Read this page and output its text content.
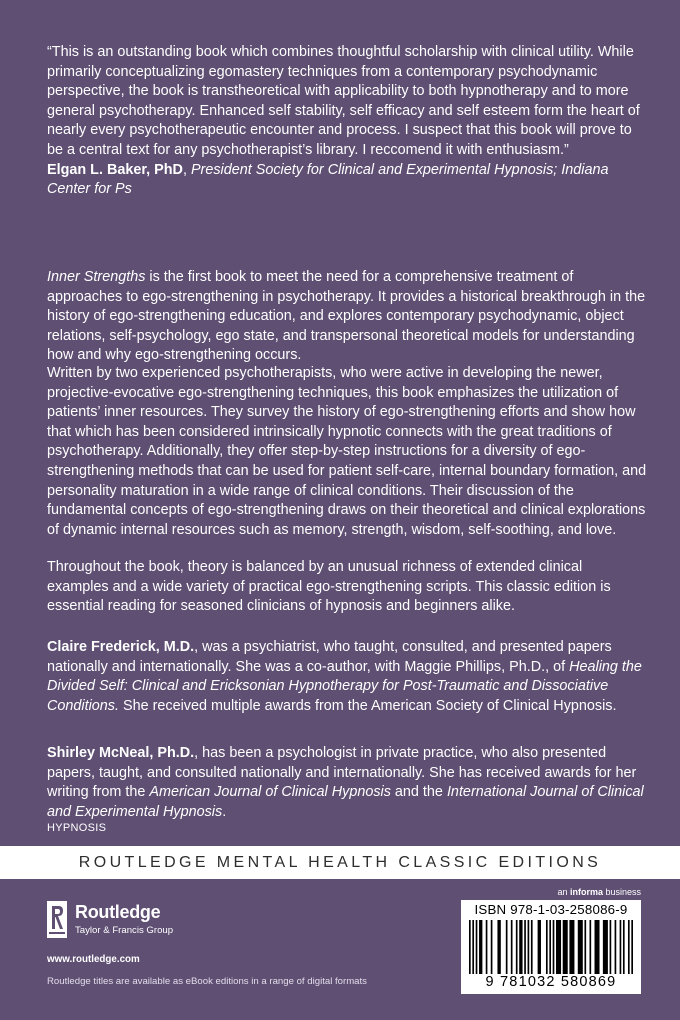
“This is an outstanding book which combines thoughtful scholarship with clinical utility. While primarily conceptualizing egomastery techniques from a contemporary psychodynamic perspective, the book is transtheoretical with applicability to both hypnotherapy and to more general psychotherapy. Enhanced self stability, self efficacy and self esteem form the heart of nearly every psychotherapeutic encounter and process. I suspect that this book will prove to be a central text for any psychotherapist’s library. I reccomend it with enthusiasm.”
Elgan L. Baker, PhD, President Society for Clinical and Experimental Hypnosis; Indiana Center for Ps

Inner Strengths is the first book to meet the need for a comprehensive treatment of approaches to ego-strengthening in psychotherapy. It provides a historical breakthrough in the history of ego-strengthening education, and explores contemporary psychodynamic, object relations, self-psychology, ego state, and transpersonal theoretical models for understanding how and why ego-strengthening occurs.

Written by two experienced psychotherapists, who were active in developing the newer, projective-evocative ego-strengthening techniques, this book emphasizes the utilization of patients’ inner resources. They survey the history of ego-strengthening efforts and show how that which has been considered intrinsically hypnotic connects with the great traditions of psychotherapy. Additionally, they offer step-by-step instructions for a diversity of ego-strengthening methods that can be used for patient self-care, internal boundary formation, and personality maturation in a wide range of clinical conditions. Their discussion of the fundamental concepts of ego-strengthening draws on their theoretical and clinical explorations of dynamic internal resources such as memory, strength, wisdom, self-soothing, and love.

Throughout the book, theory is balanced by an unusual richness of extended clinical examples and a wide variety of practical ego-strengthening scripts. This classic edition is essential reading for seasoned clinicians of hypnosis and beginners alike.

Claire Frederick, M.D., was a psychiatrist, who taught, consulted, and presented papers nationally and internationally. She was a co-author, with Maggie Phillips, Ph.D., of Healing the Divided Self: Clinical and Ericksonian Hypnotherapy for Post-Traumatic and Dissociative Conditions. She received multiple awards from the American Society of Clinical Hypnosis.

Shirley McNeal, Ph.D., has been a psychologist in private practice, who also presented papers, taught, and consulted nationally and internationally. She has received awards for her writing from the American Journal of Clinical Hypnosis and the International Journal of Clinical and Experimental Hypnosis.

HYPNOSIS
ROUTLEDGE MENTAL HEALTH CLASSIC EDITIONS
Routledge
Taylor & Francis Group
www.routledge.com
Routledge titles are available as eBook editions in a range of digital formats
an informa business
ISBN 978-1-03-258086-9
9 781032 580869
